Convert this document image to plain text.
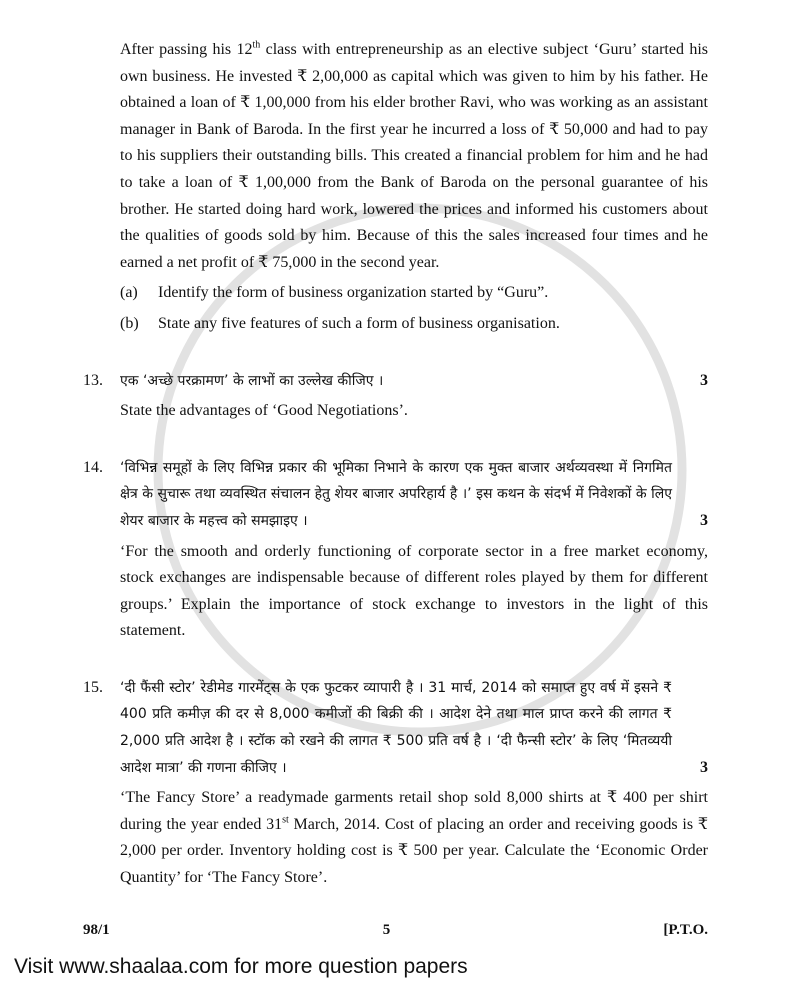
After passing his 12th class with entrepreneurship as an elective subject ‘Guru’ started his own business. He invested ₹ 2,00,000 as capital which was given to him by his father. He obtained a loan of ₹ 1,00,000 from his elder brother Ravi, who was working as an assistant manager in Bank of Baroda. In the first year he incurred a loss of ₹ 50,000 and had to pay to his suppliers their outstanding bills. This created a financial problem for him and he had to take a loan of ₹ 1,00,000 from the Bank of Baroda on the personal guarantee of his brother. He started doing hard work, lowered the prices and informed his customers about the qualities of goods sold by him. Because of this the sales increased four times and he earned a net profit of ₹ 75,000 in the second year.
(a)	Identify the form of business organization started by “Guru”.
(b)	State any five features of such a form of business organisation.
13.	एक ‘अच्छे परक्रामण’ के लाभों का उल्लेख कीजिए ।	3
State the advantages of ‘Good Negotiations’.
14.	‘विभिन्न समूहों के लिए विभिन्न प्रकार की भूमिका निभाने के कारण एक मुक्त बाजार अर्थव्यवस्था में निगमित क्षेत्र के सुचारू तथा व्यवस्थित संचालन हेतु शेयर बाजार अपरिहार्य है ।’ इस कथन के संदर्भ में निवेशकों के लिए शेयर बाजार के महत्त्व को समझाइए ।	3
‘For the smooth and orderly functioning of corporate sector in a free market economy, stock exchanges are indispensable because of different roles played by them for different groups.’ Explain the importance of stock exchange to investors in the light of this statement.
15.	‘दी फैंसी स्टोर’ रेडीमेड गारमेंट्स के एक फुटकर व्यापारी है । 31 मार्च, 2014 को समाप्त हुए वर्ष में इसने ₹ 400 प्रति कमीज़ की दर से 8,000 कमीजों की बिक्री की । आदेश देने तथा माल प्राप्त करने की लागत ₹ 2,000 प्रति आदेश है । स्टॉक को रखने की लागत ₹ 500 प्रति वर्ष है । ‘दी फैन्सी स्टोर’ के लिए ‘मितव्ययी आदेश मात्रा’ की गणना कीजिए ।	3
‘The Fancy Store’ a readymade garments retail shop sold 8,000 shirts at ₹ 400 per shirt during the year ended 31st March, 2014. Cost of placing an order and receiving goods is ₹ 2,000 per order. Inventory holding cost is ₹ 500 per year. Calculate the ‘Economic Order Quantity’ for ‘The Fancy Store’.
98/1	5	[P.T.O.
Visit www.shaalaa.com for more question papers
